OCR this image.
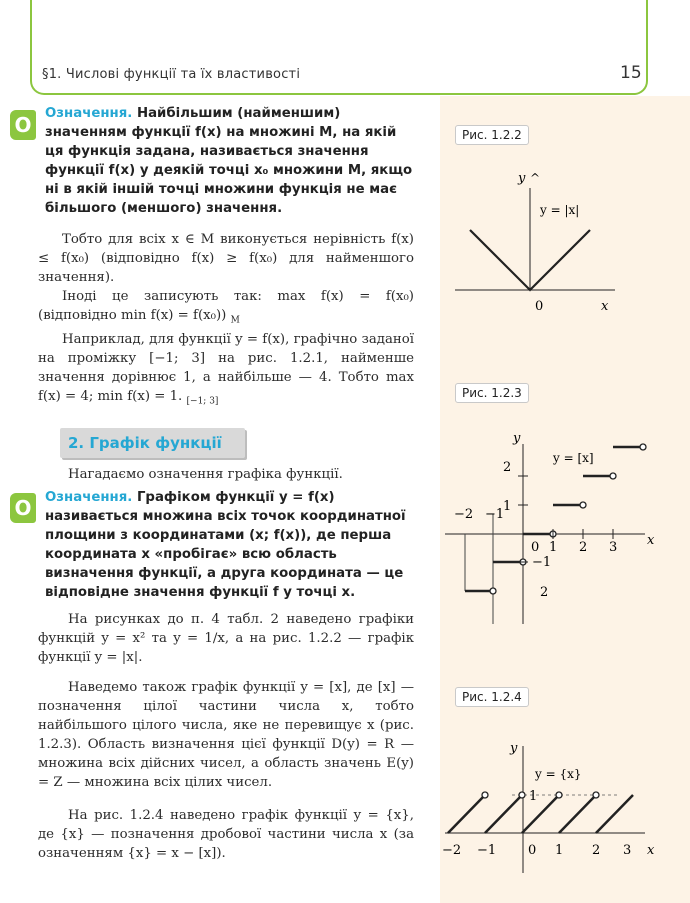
§1. Числові функції та їх властивості	15
Рис. 1.2.2
y ^
x
0
y = |x|
Рис. 1.2.3
y
x
0
y = [x]
−2 −1
1 2 3
2
1
−1
2
Рис. 1.2.4
y
x
0
y = {x}
1
−2 −1	1 2 3
О	Означення. Найбільшим (найменшим) значенням функції f(x) на множині M, на якій ця функція задана, називається значення функції f(x) у деякій точці x₀ множини M, якщо ні в якій іншій точці множини функція не має більшого (меншого) значення.

Тобто для всіх x ∈ M виконується нерівність f(x) ≤ f(x₀) (відповідно f(x) ≥ f(x₀) для найменшого значення).

Іноді це записують так: max f(x) = f(x₀) (відповідно min f(x) = f(x₀)) $_M$

Наприклад, для функції y = f(x), графічно заданої на проміжку [−1; 3] на рис. 1.2.1, найменше значення дорівнює 1, а найбільше — 4. Тобто max f(x) = 4; min f(x) = 1. $_{[-1; 3]}$

2. Графік функції

Нагадаємо означення графіка функції.

О	Означення. Графіком функції y = f(x) називається множина всіх точок координатної площини з координатами (x; f(x)), де перша координата x «пробігає» всю область визначення функції, а друга координата — це відповідне значення функції f у точці x.

На рисунках до п. 4 табл. 2 наведено графіки функцій y = x² та y = 1/x, а на рис. 1.2.2 — графік функції y = |x|.

Наведемо також графік функції y = [x], де [x] — позначення цілої частини числа x, тобто найбільшого цілого числа, яке не перевищує x (рис. 1.2.3). Область визначення цієї функції D(y) = R — множина всіх дійсних чисел, а область значень E(y) = Z — множина всіх цілих чисел.

На рис. 1.2.4 наведено графік функції y = {x}, де {x} — позначення дробової частини числа x (за означенням {x} = x − [x]).
